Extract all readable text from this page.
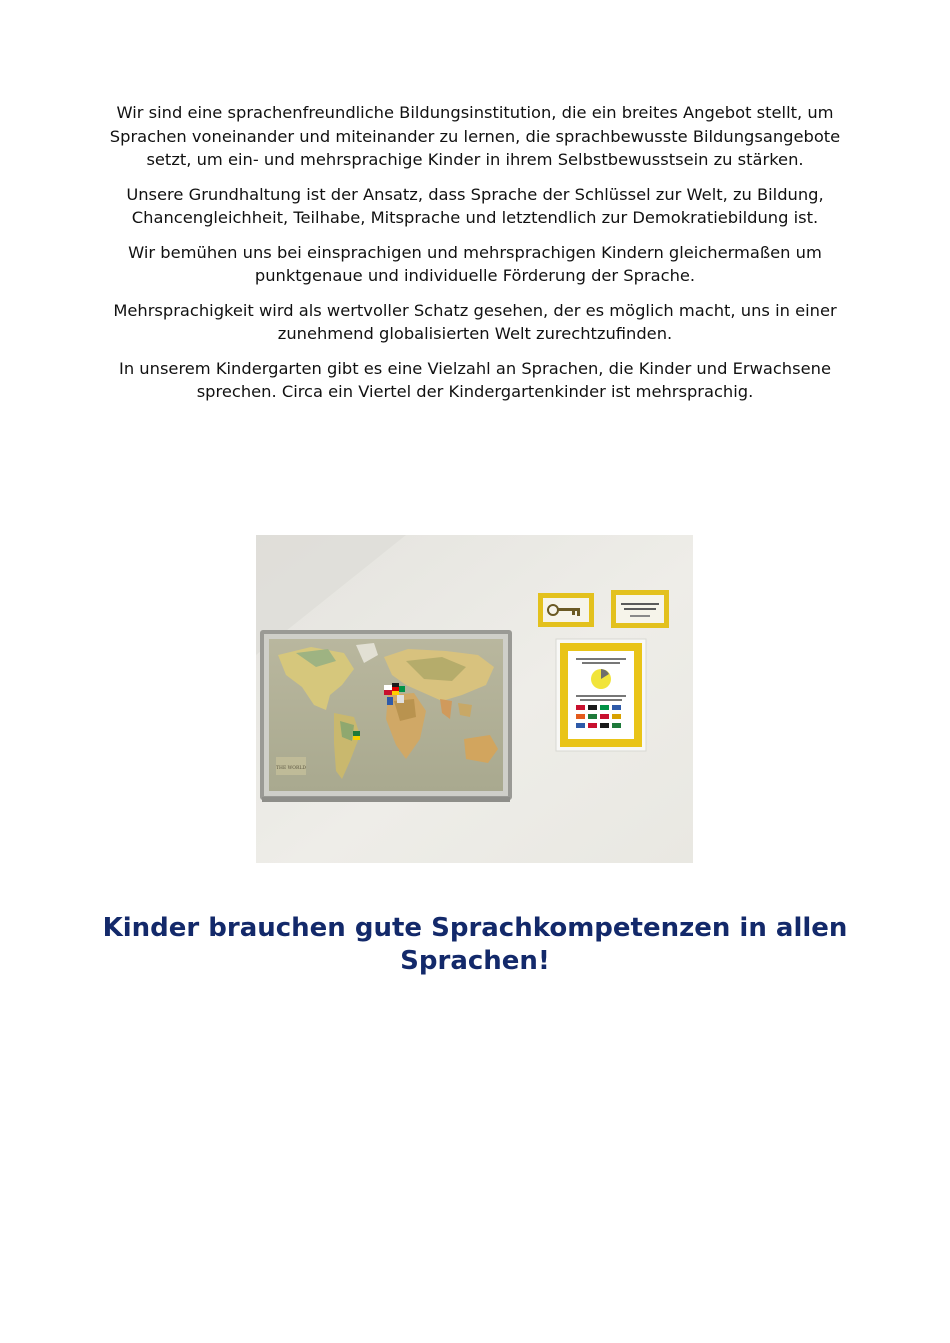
Wir sind eine sprachenfreundliche Bildungsinstitution, die ein breites Angebot stellt, um Sprachen voneinander und miteinander zu lernen, die sprachbewusste Bildungsangebote setzt, um ein- und mehrsprachige Kinder in ihrem Selbstbewusstsein zu stärken.

Unsere Grundhaltung ist der Ansatz, dass Sprache der Schlüssel zur Welt, zu Bildung, Chancengleichheit, Teilhabe, Mitsprache und letztendlich zur Demokratiebildung ist.

Wir bemühen uns bei einsprachigen und mehrsprachigen Kindern gleichermaßen um punktgenaue und individuelle Förderung der Sprache.

Mehrsprachigkeit wird als wertvoller Schatz gesehen, der es möglich macht, uns in einer zunehmend globalisierten Welt zurechtzufinden.

In unserem Kindergarten gibt es eine Vielzahl an Sprachen, die Kinder und Erwachsene sprechen. Circa ein Viertel der Kindergartenkinder ist mehrsprachig.

THE WORLD
Kinder brauchen gute Sprachkompetenzen in allen Sprachen!
